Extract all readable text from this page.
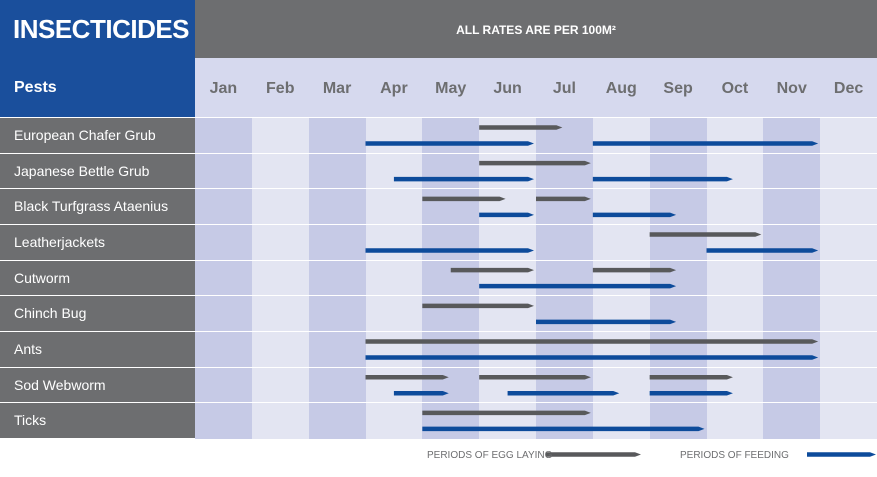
INSECTICIDES	ALL RATES ARE PER 100M²
Pests	Jan	Feb	Mar	Apr	May	Jun	Jul	Aug	Sep	Oct	Nov	Dec
European Chafer Grub
Japanese Bettle Grub
Black Turfgrass Ataenius
Leatherjackets
Cutworm
Chinch Bug
Ants
Sod Webworm
Ticks
PERIODS OF EGG LAYING	PERIODS OF FEEDING
